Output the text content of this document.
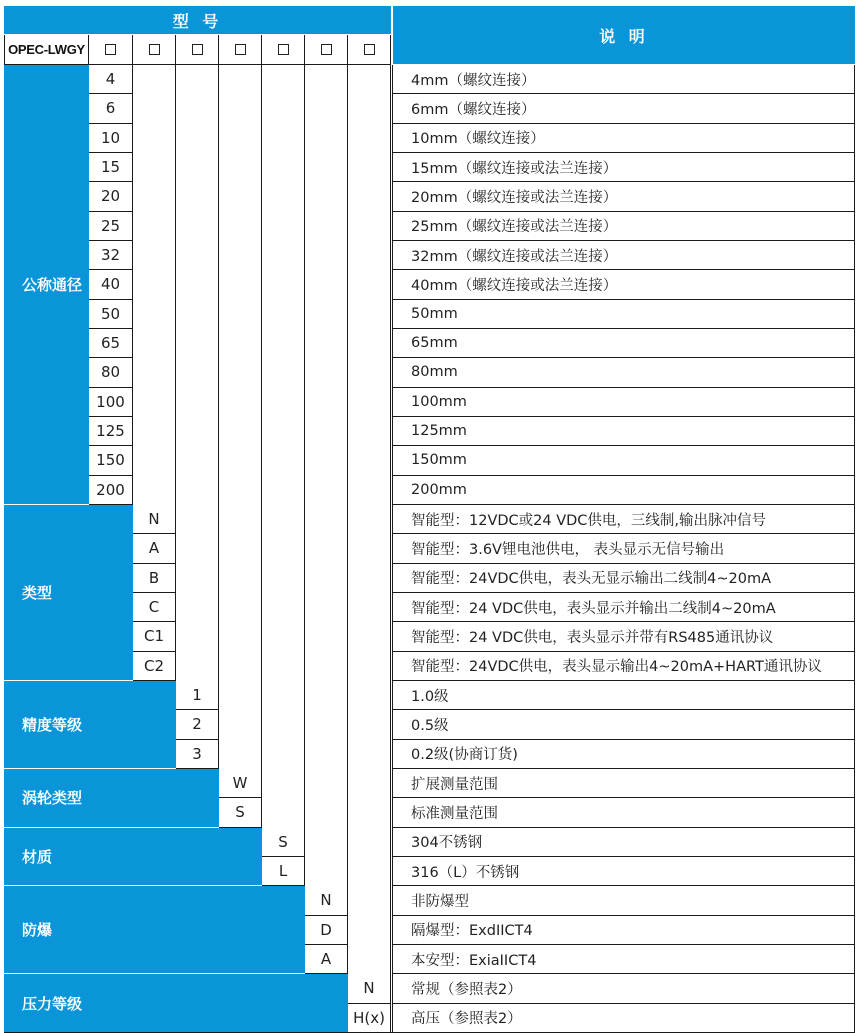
型 号
OPEC-LWGY
说 明
公称通径
4	4mm（螺纹连接）
6	6mm（螺纹连接）
10	10mm（螺纹连接）
15	15mm（螺纹连接或法兰连接）
20	20mm（螺纹连接或法兰连接）
25	25mm（螺纹连接或法兰连接）
32	32mm（螺纹连接或法兰连接）
40	40mm（螺纹连接或法兰连接）
50	50mm
65	65mm
80	80mm
100	100mm
125	125mm
150	150mm
200	200mm
类型
N	智能型：12VDC或24 VDC供电，三线制,输出脉冲信号
A	智能型：3.6V锂电池供电， 表头显示无信号输出
B	智能型：24VDC供电，表头无显示输出二线制4~20mA
C	智能型：24 VDC供电，表头显示并输出二线制4~20mA
C1	智能型：24 VDC供电，表头显示并带有RS485通讯协议
C2	智能型：24VDC供电，表头显示输出4~20mA+HART通讯协议
精度等级
1	1.0级
2	0.5级
3	0.2级(协商订货)
涡轮类型
W	扩展测量范围
S	标准测量范围
材质
S	304不锈钢
L	316（L）不锈钢
防爆
N	非防爆型
D	隔爆型：ExdIICT4
A	本安型：ExiaIICT4
压力等级
N	常规（参照表2）
H(x)	高压（参照表2）
